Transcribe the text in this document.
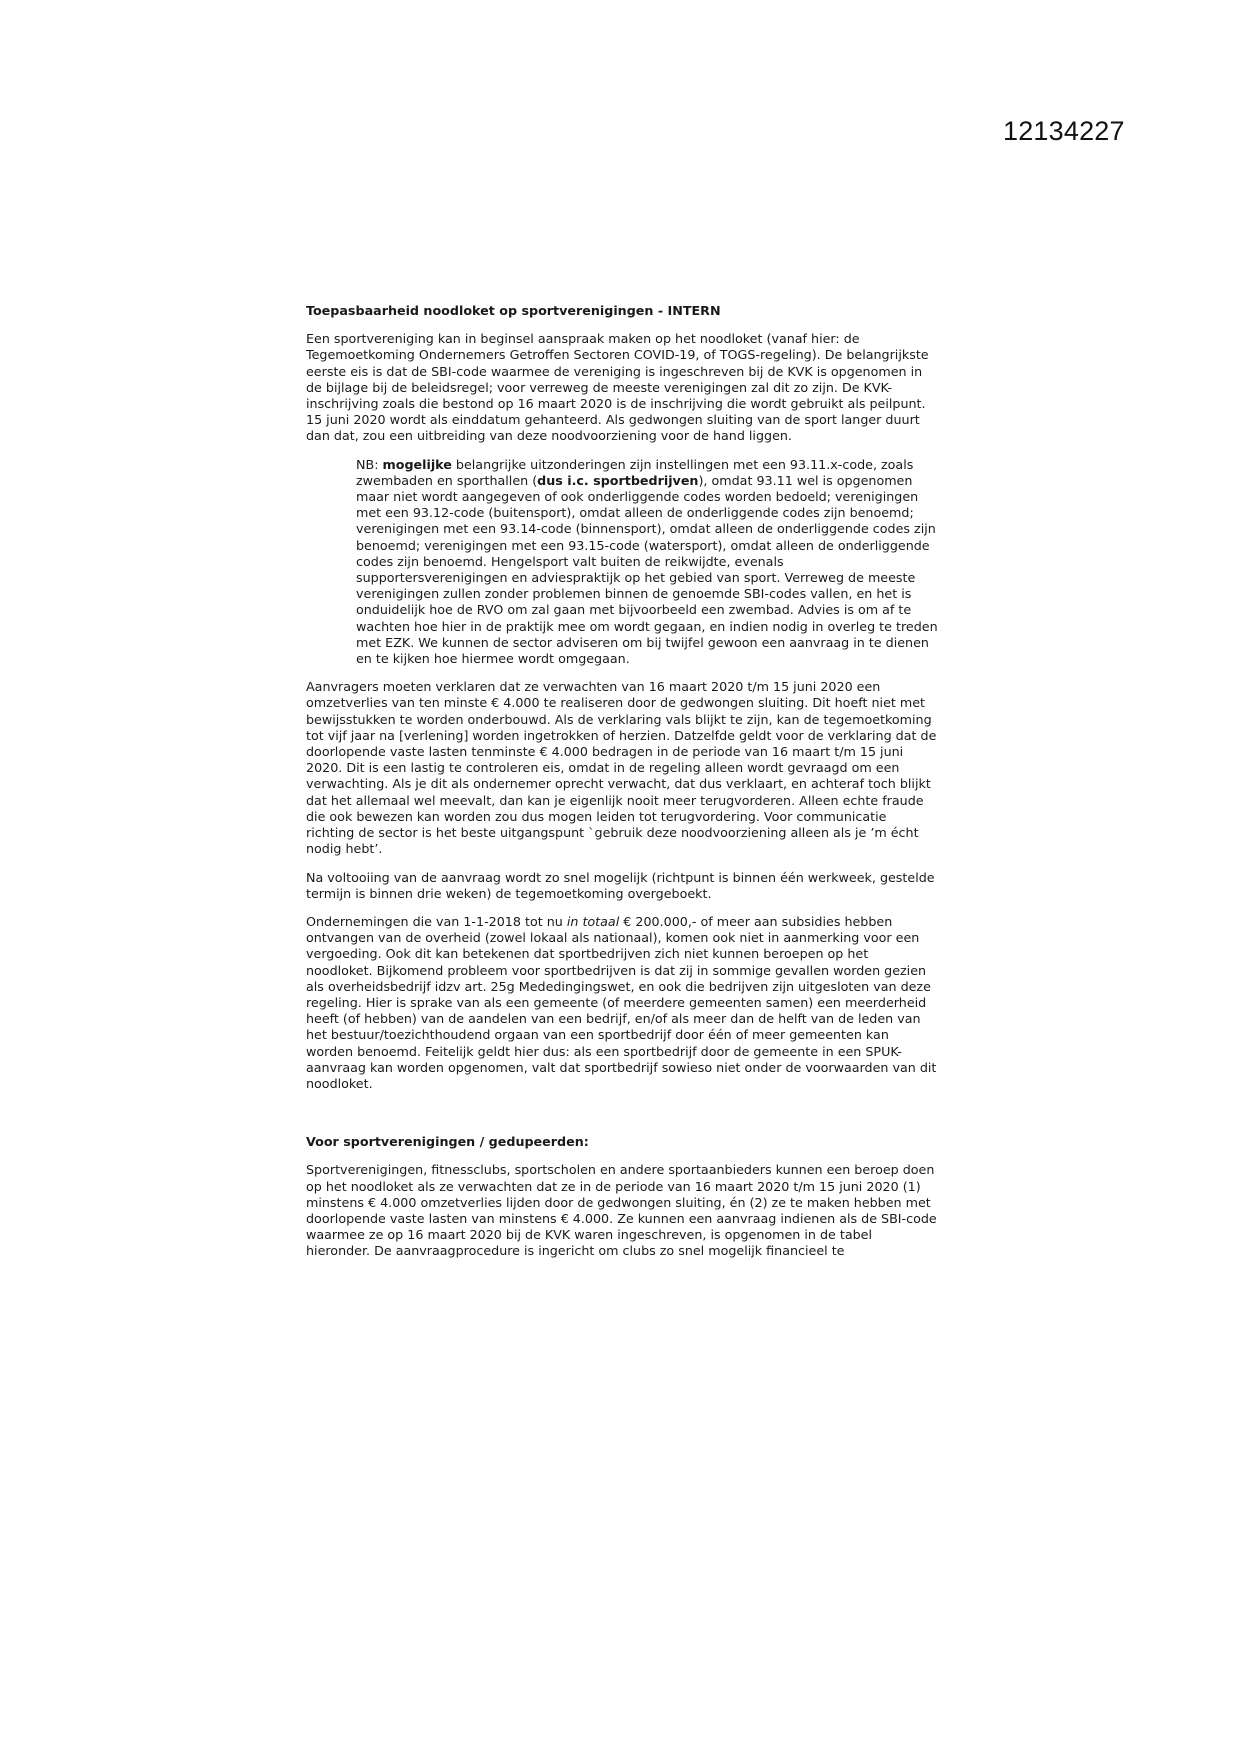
12134227

Toepasbaarheid noodloket op sportverenigingen - INTERN

Een sportvereniging kan in beginsel aanspraak maken op het noodloket (vanaf hier: de Tegemoetkoming Ondernemers Getroffen Sectoren COVID-19, of TOGS-regeling). De belangrijkste eerste eis is dat de SBI-code waarmee de vereniging is ingeschreven bij de KVK is opgenomen in de bijlage bij de beleidsregel; voor verreweg de meeste verenigingen zal dit zo zijn. De KVK-inschrijving zoals die bestond op 16 maart 2020 is de inschrijving die wordt gebruikt als peilpunt. 15 juni 2020 wordt als einddatum gehanteerd. Als gedwongen sluiting van de sport langer duurt dan dat, zou een uitbreiding van deze noodvoorziening voor de hand liggen.

NB: mogelijke belangrijke uitzonderingen zijn instellingen met een 93.11.x-code, zoals zwembaden en sporthallen (dus i.c. sportbedrijven), omdat 93.11 wel is opgenomen maar niet wordt aangegeven of ook onderliggende codes worden bedoeld; verenigingen met een 93.12-code (buitensport), omdat alleen de onderliggende codes zijn benoemd; verenigingen met een 93.14-code (binnensport), omdat alleen de onderliggende codes zijn benoemd; verenigingen met een 93.15-code (watersport), omdat alleen de onderliggende codes zijn benoemd. Hengelsport valt buiten de reikwijdte, evenals supportersverenigingen en adviespraktijk op het gebied van sport. Verreweg de meeste verenigingen zullen zonder problemen binnen de genoemde SBI-codes vallen, en het is onduidelijk hoe de RVO om zal gaan met bijvoorbeeld een zwembad. Advies is om af te wachten hoe hier in de praktijk mee om wordt gegaan, en indien nodig in overleg te treden met EZK. We kunnen de sector adviseren om bij twijfel gewoon een aanvraag in te dienen en te kijken hoe hiermee wordt omgegaan.

Aanvragers moeten verklaren dat ze verwachten van 16 maart 2020 t/m 15 juni 2020 een omzetverlies van ten minste € 4.000 te realiseren door de gedwongen sluiting. Dit hoeft niet met bewijsstukken te worden onderbouwd. Als de verklaring vals blijkt te zijn, kan de tegemoetkoming tot vijf jaar na [verlening] worden ingetrokken of herzien. Datzelfde geldt voor de verklaring dat de doorlopende vaste lasten tenminste € 4.000 bedragen in de periode van 16 maart t/m 15 juni 2020. Dit is een lastig te controleren eis, omdat in de regeling alleen wordt gevraagd om een verwachting. Als je dit als ondernemer oprecht verwacht, dat dus verklaart, en achteraf toch blijkt dat het allemaal wel meevalt, dan kan je eigenlijk nooit meer terugvorderen. Alleen echte fraude die ook bewezen kan worden zou dus mogen leiden tot terugvordering. Voor communicatie richting de sector is het beste uitgangspunt `gebruik deze noodvoorziening alleen als je ’m écht nodig hebt’.

Na voltooiing van de aanvraag wordt zo snel mogelijk (richtpunt is binnen één werkweek, gestelde termijn is binnen drie weken) de tegemoetkoming overgeboekt.

Ondernemingen die van 1-1-2018 tot nu in totaal € 200.000,- of meer aan subsidies hebben ontvangen van de overheid (zowel lokaal als nationaal), komen ook niet in aanmerking voor een vergoeding. Ook dit kan betekenen dat sportbedrijven zich niet kunnen beroepen op het noodloket. Bijkomend probleem voor sportbedrijven is dat zij in sommige gevallen worden gezien als overheidsbedrijf idzv art. 25g Mededingingswet, en ook die bedrijven zijn uitgesloten van deze regeling. Hier is sprake van als een gemeente (of meerdere gemeenten samen) een meerderheid heeft (of hebben) van de aandelen van een bedrijf, en/of als meer dan de helft van de leden van het bestuur/toezichthoudend orgaan van een sportbedrijf door één of meer gemeenten kan worden benoemd. Feitelijk geldt hier dus: als een sportbedrijf door de gemeente in een SPUK-aanvraag kan worden opgenomen, valt dat sportbedrijf sowieso niet onder de voorwaarden van dit noodloket.

Voor sportverenigingen / gedupeerden:

Sportverenigingen, fitnessclubs, sportscholen en andere sportaanbieders kunnen een beroep doen op het noodloket als ze verwachten dat ze in de periode van 16 maart 2020 t/m 15 juni 2020 (1) minstens € 4.000 omzetverlies lijden door de gedwongen sluiting, én (2) ze te maken hebben met doorlopende vaste lasten van minstens € 4.000. Ze kunnen een aanvraag indienen als de SBI-code waarmee ze op 16 maart 2020 bij de KVK waren ingeschreven, is opgenomen in de tabel hieronder. De aanvraagprocedure is ingericht om clubs zo snel mogelijk financieel te
